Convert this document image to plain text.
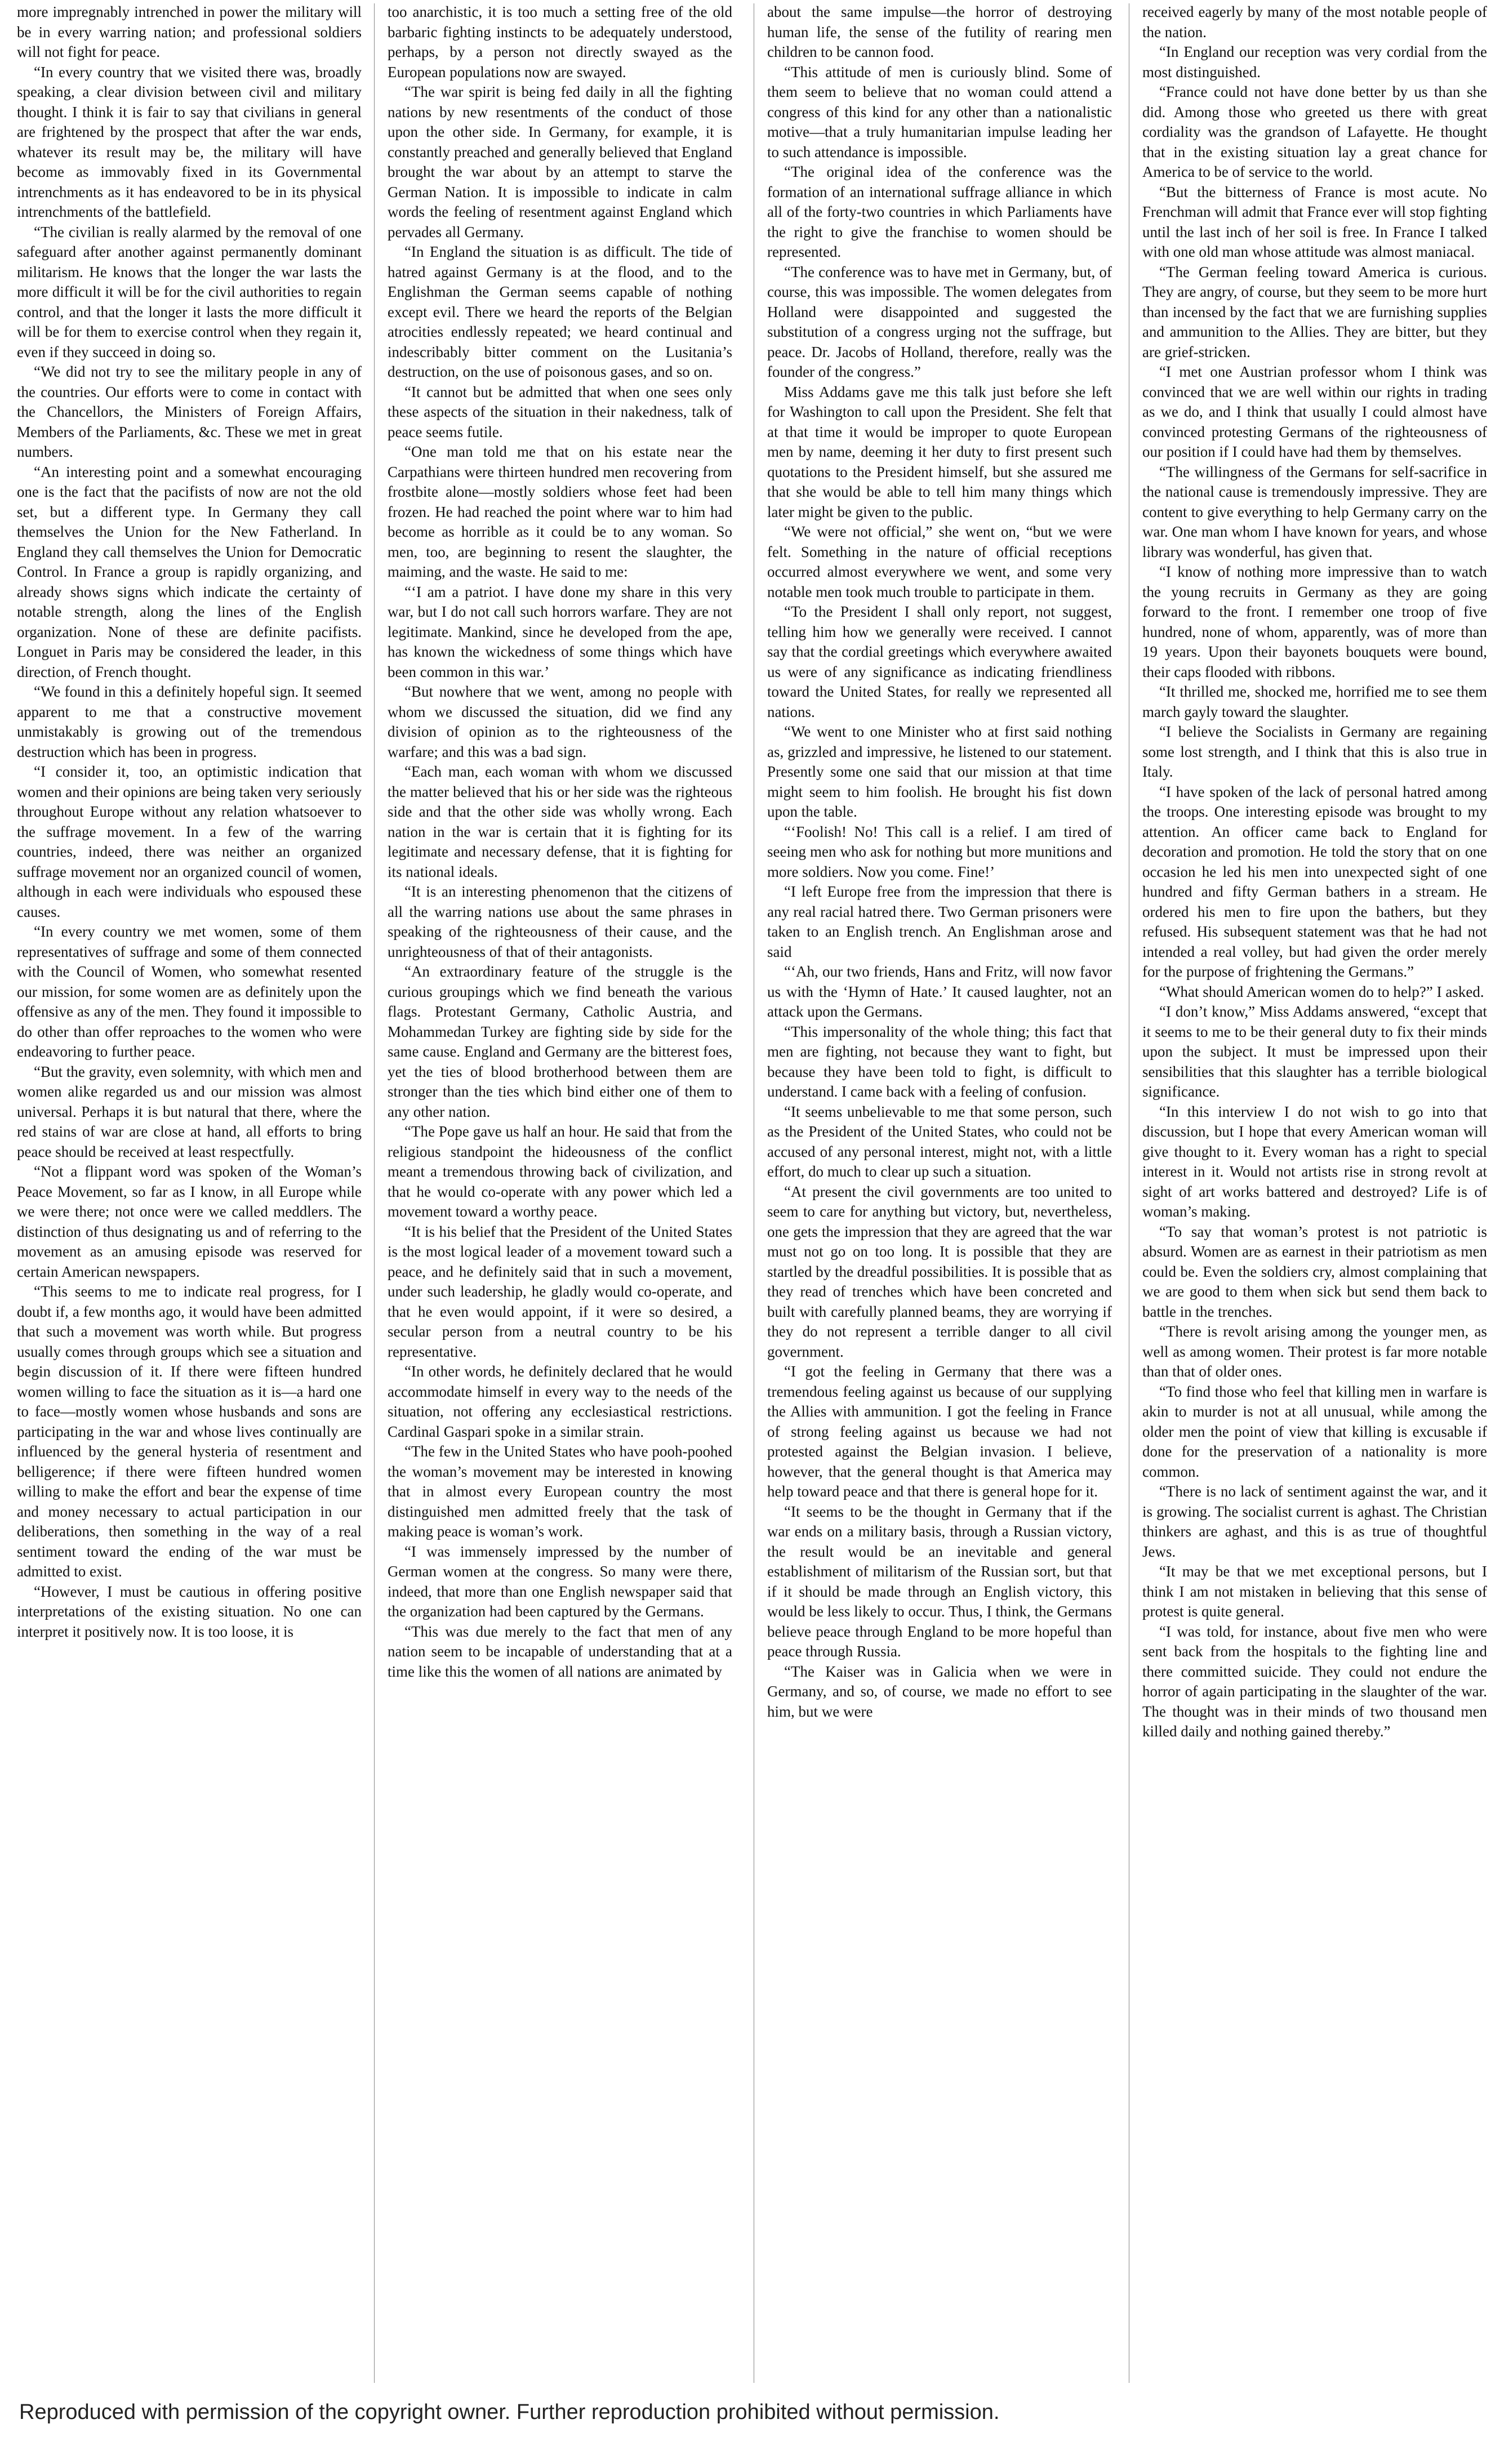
more impregnably intrenched in power the military will be in every warring nation; and professional soldiers will not fight for peace.

“In every country that we visited there was, broadly speaking, a clear division between civil and military thought. I think it is fair to say that civilians in general are frightened by the prospect that after the war ends, whatever its result may be, the military will have become as immovably fixed in its Governmental intrenchments as it has endeavored to be in its physical intrenchments of the battlefield.

“The civilian is really alarmed by the removal of one safeguard after another against permanently dominant militarism. He knows that the longer the war lasts the more difficult it will be for the civil authorities to regain control, and that the longer it lasts the more difficult it will be for them to exercise control when they regain it, even if they succeed in doing so.

“We did not try to see the military people in any of the countries. Our efforts were to come in contact with the Chancellors, the Ministers of Foreign Affairs, Members of the Parliaments, &c. These we met in great numbers.

“An interesting point and a somewhat encouraging one is the fact that the pacifists of now are not the old set, but a different type. In Germany they call themselves the Union for the New Fatherland. In England they call themselves the Union for Democratic Control. In France a group is rapidly organizing, and already shows signs which indicate the certainty of notable strength, along the lines of the English organization. None of these are definite pacifists. Longuet in Paris may be considered the leader, in this direction, of French thought.

“We found in this a definitely hopeful sign. It seemed apparent to me that a constructive movement unmistakably is growing out of the tremendous destruction which has been in progress.

“I consider it, too, an optimistic indication that women and their opinions are being taken very seriously throughout Europe without any relation whatsoever to the suffrage movement. In a few of the warring countries, indeed, there was neither an organized suffrage movement nor an organized council of women, although in each were individuals who espoused these causes.

“In every country we met women, some of them representatives of suffrage and some of them connected with the Council of Women, who somewhat resented our mission, for some women are as definitely upon the offensive as any of the men. They found it impossible to do other than offer reproaches to the women who were endeavoring to further peace.

“But the gravity, even solemnity, with which men and women alike regarded us and our mission was almost universal. Perhaps it is but natural that there, where the red stains of war are close at hand, all efforts to bring peace should be received at least respectfully.

“Not a flippant word was spoken of the Woman’s Peace Movement, so far as I know, in all Europe while we were there; not once were we called meddlers. The distinction of thus designating us and of referring to the movement as an amusing episode was reserved for certain American newspapers.

“This seems to me to indicate real progress, for I doubt if, a few months ago, it would have been admitted that such a movement was worth while. But progress usually comes through groups which see a situation and begin discussion of it. If there were fifteen hundred women willing to face the situation as it is—a hard one to face—mostly women whose husbands and sons are participating in the war and whose lives continually are influenced by the general hysteria of resentment and belligerence; if there were fifteen hundred women willing to make the effort and bear the expense of time and money necessary to actual participation in our deliberations, then something in the way of a real sentiment toward the ending of the war must be admitted to exist.

“However, I must be cautious in offering positive interpretations of the existing situation. No one can interpret it positively now. It is too loose, it is

too anarchistic, it is too much a setting free of the old barbaric fighting instincts to be adequately understood, perhaps, by a person not directly swayed as the European populations now are swayed.

“The war spirit is being fed daily in all the fighting nations by new resentments of the conduct of those upon the other side. In Germany, for example, it is constantly preached and generally believed that England brought the war about by an attempt to starve the German Nation. It is impossible to indicate in calm words the feeling of resentment against England which pervades all Germany.

“In England the situation is as difficult. The tide of hatred against Germany is at the flood, and to the Englishman the German seems capable of nothing except evil. There we heard the reports of the Belgian atrocities endlessly repeated; we heard continual and indescribably bitter comment on the Lusitania’s destruction, on the use of poisonous gases, and so on.

“It cannot but be admitted that when one sees only these aspects of the situation in their nakedness, talk of peace seems futile.

“One man told me that on his estate near the Carpathians were thirteen hundred men recovering from frostbite alone—mostly soldiers whose feet had been frozen. He had reached the point where war to him had become as horrible as it could be to any woman. So men, too, are beginning to resent the slaughter, the maiming, and the waste. He said to me:

“‘I am a patriot. I have done my share in this very war, but I do not call such horrors warfare. They are not legitimate. Mankind, since he developed from the ape, has known the wickedness of some things which have been common in this war.’

“But nowhere that we went, among no people with whom we discussed the situation, did we find any division of opinion as to the righteousness of the warfare; and this was a bad sign.

“Each man, each woman with whom we discussed the matter believed that his or her side was the righteous side and that the other side was wholly wrong. Each nation in the war is certain that it is fighting for its legitimate and necessary defense, that it is fighting for its national ideals.

“It is an interesting phenomenon that the citizens of all the warring nations use about the same phrases in speaking of the righteousness of their cause, and the unrighteousness of that of their antagonists.

“An extraordinary feature of the struggle is the curious groupings which we find beneath the various flags. Protestant Germany, Catholic Austria, and Mohammedan Turkey are fighting side by side for the same cause. England and Germany are the bitterest foes, yet the ties of blood brotherhood between them are stronger than the ties which bind either one of them to any other nation.

“The Pope gave us half an hour. He said that from the religious standpoint the hideousness of the conflict meant a tremendous throwing back of civilization, and that he would co-operate with any power which led a movement toward a worthy peace.

“It is his belief that the President of the United States is the most logical leader of a movement toward such a peace, and he definitely said that in such a movement, under such leadership, he gladly would co-operate, and that he even would appoint, if it were so desired, a secular person from a neutral country to be his representative.

“In other words, he definitely declared that he would accommodate himself in every way to the needs of the situation, not offering any ecclesiastical restrictions. Cardinal Gaspari spoke in a similar strain.

“The few in the United States who have pooh-poohed the woman’s movement may be interested in knowing that in almost every European country the most distinguished men admitted freely that the task of making peace is woman’s work.

“I was immensely impressed by the number of German women at the congress. So many were there, indeed, that more than one English newspaper said that the organization had been captured by the Germans.

“This was due merely to the fact that men of any nation seem to be incapable of understanding that at a time like this the women of all nations are animated by

about the same impulse—the horror of destroying human life, the sense of the futility of rearing men children to be cannon food.

“This attitude of men is curiously blind. Some of them seem to believe that no woman could attend a congress of this kind for any other than a nationalistic motive—that a truly humanitarian impulse leading her to such attendance is impossible.

“The original idea of the conference was the formation of an international suffrage alliance in which all of the forty-two countries in which Parliaments have the right to give the franchise to women should be represented.

“The conference was to have met in Germany, but, of course, this was impossible. The women delegates from Holland were disappointed and suggested the substitution of a congress urging not the suffrage, but peace. Dr. Jacobs of Holland, therefore, really was the founder of the congress.”

Miss Addams gave me this talk just before she left for Washington to call upon the President. She felt that at that time it would be improper to quote European men by name, deeming it her duty to first present such quotations to the President himself, but she assured me that she would be able to tell him many things which later might be given to the public.

“We were not official,” she went on, “but we were felt. Something in the nature of official receptions occurred almost everywhere we went, and some very notable men took much trouble to participate in them.

“To the President I shall only report, not suggest, telling him how we generally were received. I cannot say that the cordial greetings which everywhere awaited us were of any significance as indicating friendliness toward the United States, for really we represented all nations.

“We went to one Minister who at first said nothing as, grizzled and impressive, he listened to our statement. Presently some one said that our mission at that time might seem to him foolish. He brought his fist down upon the table.

“‘Foolish! No! This call is a relief. I am tired of seeing men who ask for nothing but more munitions and more soldiers. Now you come. Fine!’

“I left Europe free from the impression that there is any real racial hatred there. Two German prisoners were taken to an English trench. An Englishman arose and said

“‘Ah, our two friends, Hans and Fritz, will now favor us with the ‘Hymn of Hate.’ It caused laughter, not an attack upon the Germans.

“This impersonality of the whole thing; this fact that men are fighting, not because they want to fight, but because they have been told to fight, is difficult to understand. I came back with a feeling of confusion.

“It seems unbelievable to me that some person, such as the President of the United States, who could not be accused of any personal interest, might not, with a little effort, do much to clear up such a situation.

“At present the civil governments are too united to seem to care for anything but victory, but, nevertheless, one gets the impression that they are agreed that the war must not go on too long. It is possible that they are startled by the dreadful possibilities. It is possible that as they read of trenches which have been concreted and built with carefully planned beams, they are worrying if they do not represent a terrible danger to all civil government.

“I got the feeling in Germany that there was a tremendous feeling against us because of our supplying the Allies with ammunition. I got the feeling in France of strong feeling against us because we had not protested against the Belgian invasion. I believe, however, that the general thought is that America may help toward peace and that there is general hope for it.

“It seems to be the thought in Germany that if the war ends on a military basis, through a Russian victory, the result would be an inevitable and general establishment of militarism of the Russian sort, but that if it should be made through an English victory, this would be less likely to occur. Thus, I think, the Germans believe peace through England to be more hopeful than peace through Russia.

“The Kaiser was in Galicia when we were in Germany, and so, of course, we made no effort to see him, but we were

received eagerly by many of the most notable people of the nation.

“In England our reception was very cordial from the most distinguished.

“France could not have done better by us than she did. Among those who greeted us there with great cordiality was the grandson of Lafayette. He thought that in the existing situation lay a great chance for America to be of service to the world.

“But the bitterness of France is most acute. No Frenchman will admit that France ever will stop fighting until the last inch of her soil is free. In France I talked with one old man whose attitude was almost maniacal.

“The German feeling toward America is curious. They are angry, of course, but they seem to be more hurt than incensed by the fact that we are furnishing supplies and ammunition to the Allies. They are bitter, but they are grief-stricken.

“I met one Austrian professor whom I think was convinced that we are well within our rights in trading as we do, and I think that usually I could almost have convinced protesting Germans of the righteousness of our position if I could have had them by themselves.

“The willingness of the Germans for self-sacrifice in the national cause is tremendously impressive. They are content to give everything to help Germany carry on the war. One man whom I have known for years, and whose library was wonderful, has given that.

“I know of nothing more impressive than to watch the young recruits in Germany as they are going forward to the front. I remember one troop of five hundred, none of whom, apparently, was of more than 19 years. Upon their bayonets bouquets were bound, their caps flooded with ribbons.

“It thrilled me, shocked me, horrified me to see them march gayly toward the slaughter.

“I believe the Socialists in Germany are regaining some lost strength, and I think that this is also true in Italy.

“I have spoken of the lack of personal hatred among the troops. One interesting episode was brought to my attention. An officer came back to England for decoration and promotion. He told the story that on one occasion he led his men into unexpected sight of one hundred and fifty German bathers in a stream. He ordered his men to fire upon the bathers, but they refused. His subsequent statement was that he had not intended a real volley, but had given the order merely for the purpose of frightening the Germans.”

“What should American women do to help?” I asked.

“I don’t know,” Miss Addams answered, “except that it seems to me to be their general duty to fix their minds upon the subject. It must be impressed upon their sensibilities that this slaughter has a terrible biological significance.

“In this interview I do not wish to go into that discussion, but I hope that every American woman will give thought to it. Every woman has a right to special interest in it. Would not artists rise in strong revolt at sight of art works battered and destroyed? Life is of woman’s making.

“To say that woman’s protest is not patriotic is absurd. Women are as earnest in their patriotism as men could be. Even the soldiers cry, almost complaining that we are good to them when sick but send them back to battle in the trenches.

“There is revolt arising among the younger men, as well as among women. Their protest is far more notable than that of older ones.

“To find those who feel that killing men in warfare is akin to murder is not at all unusual, while among the older men the point of view that killing is excusable if done for the preservation of a nationality is more common.

“There is no lack of sentiment against the war, and it is growing. The socialist current is aghast. The Christian thinkers are aghast, and this is as true of thoughtful Jews.

“It may be that we met exceptional persons, but I think I am not mistaken in believing that this sense of protest is quite general.

“I was told, for instance, about five men who were sent back from the hospitals to the fighting line and there committed suicide. They could not endure the horror of again participating in the slaughter of the war. The thought was in their minds of two thousand men killed daily and nothing gained thereby.”

Reproduced with permission of the copyright owner. Further reproduction prohibited without permission.
